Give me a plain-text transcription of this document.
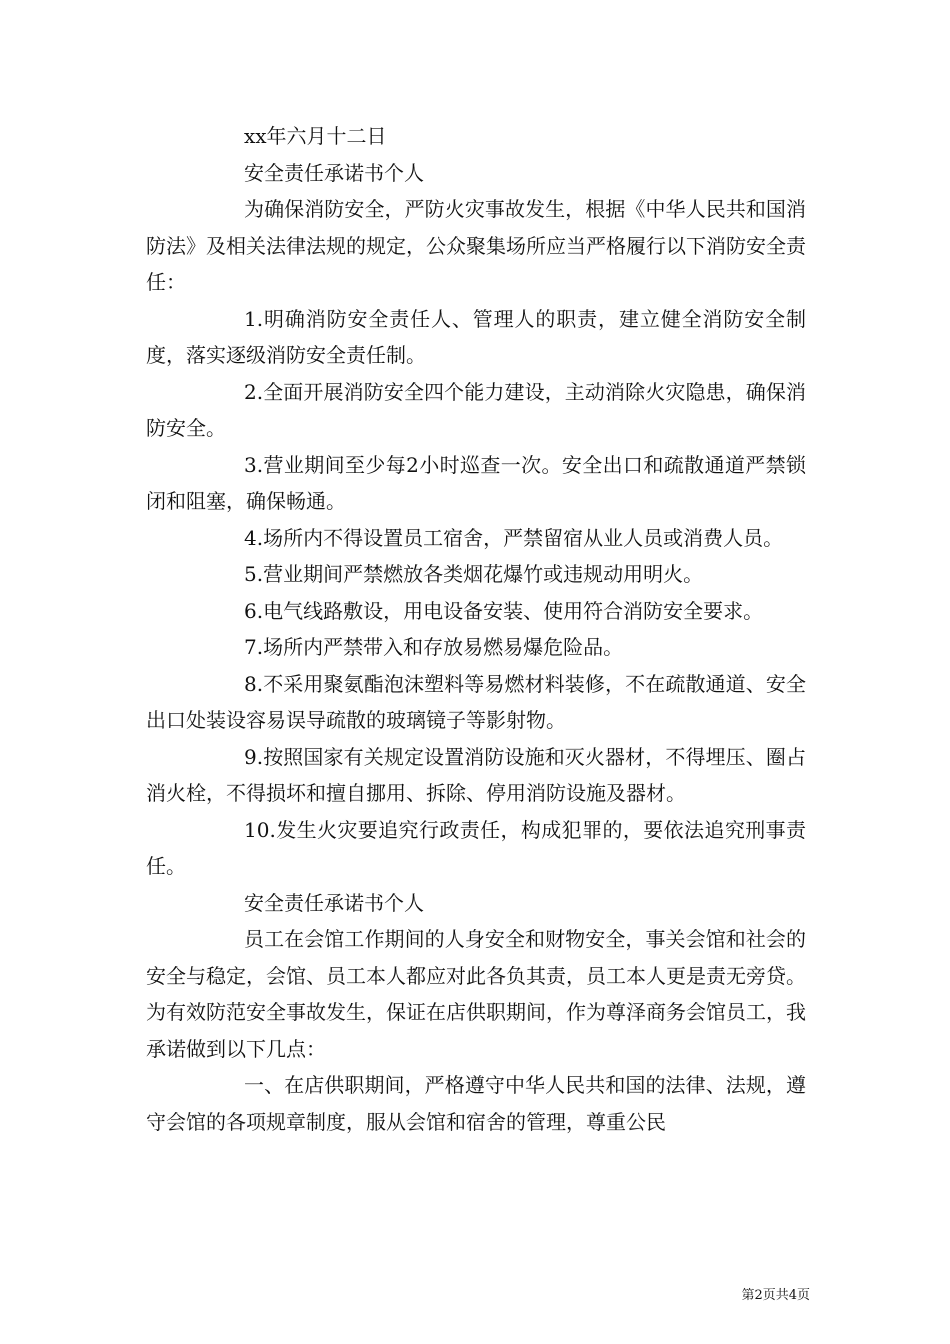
xx年六月十二日

安全责任承诺书个人

为确保消防安全，严防火灾事故发生，根据《中华人民共和国消防法》及相关法律法规的规定，公众聚集场所应当严格履行以下消防安全责任：

1.明确消防安全责任人、管理人的职责，建立健全消防安全制度，落实逐级消防安全责任制。

2.全面开展消防安全四个能力建设，主动消除火灾隐患，确保消防安全。

3.营业期间至少每2小时巡查一次。安全出口和疏散通道严禁锁闭和阻塞，确保畅通。

4.场所内不得设置员工宿舍，严禁留宿从业人员或消费人员。

5.营业期间严禁燃放各类烟花爆竹或违规动用明火。

6.电气线路敷设，用电设备安装、使用符合消防安全要求。

7.场所内严禁带入和存放易燃易爆危险品。

8.不采用聚氨酯泡沫塑料等易燃材料装修，不在疏散通道、安全出口处装设容易误导疏散的玻璃镜子等影射物。

9.按照国家有关规定设置消防设施和灭火器材，不得埋压、圈占消火栓，不得损坏和擅自挪用、拆除、停用消防设施及器材。

10.发生火灾要追究行政责任，构成犯罪的，要依法追究刑事责任。

安全责任承诺书个人

员工在会馆工作期间的人身安全和财物安全，事关会馆和社会的安全与稳定，会馆、员工本人都应对此各负其责，员工本人更是责无旁贷。为有效防范安全事故发生，保证在店供职期间，作为尊泽商务会馆员工，我承诺做到以下几点：

一、在店供职期间，严格遵守中华人民共和国的法律、法规，遵守会馆的各项规章制度，服从会馆和宿舍的管理，尊重公民

第2页共4页
